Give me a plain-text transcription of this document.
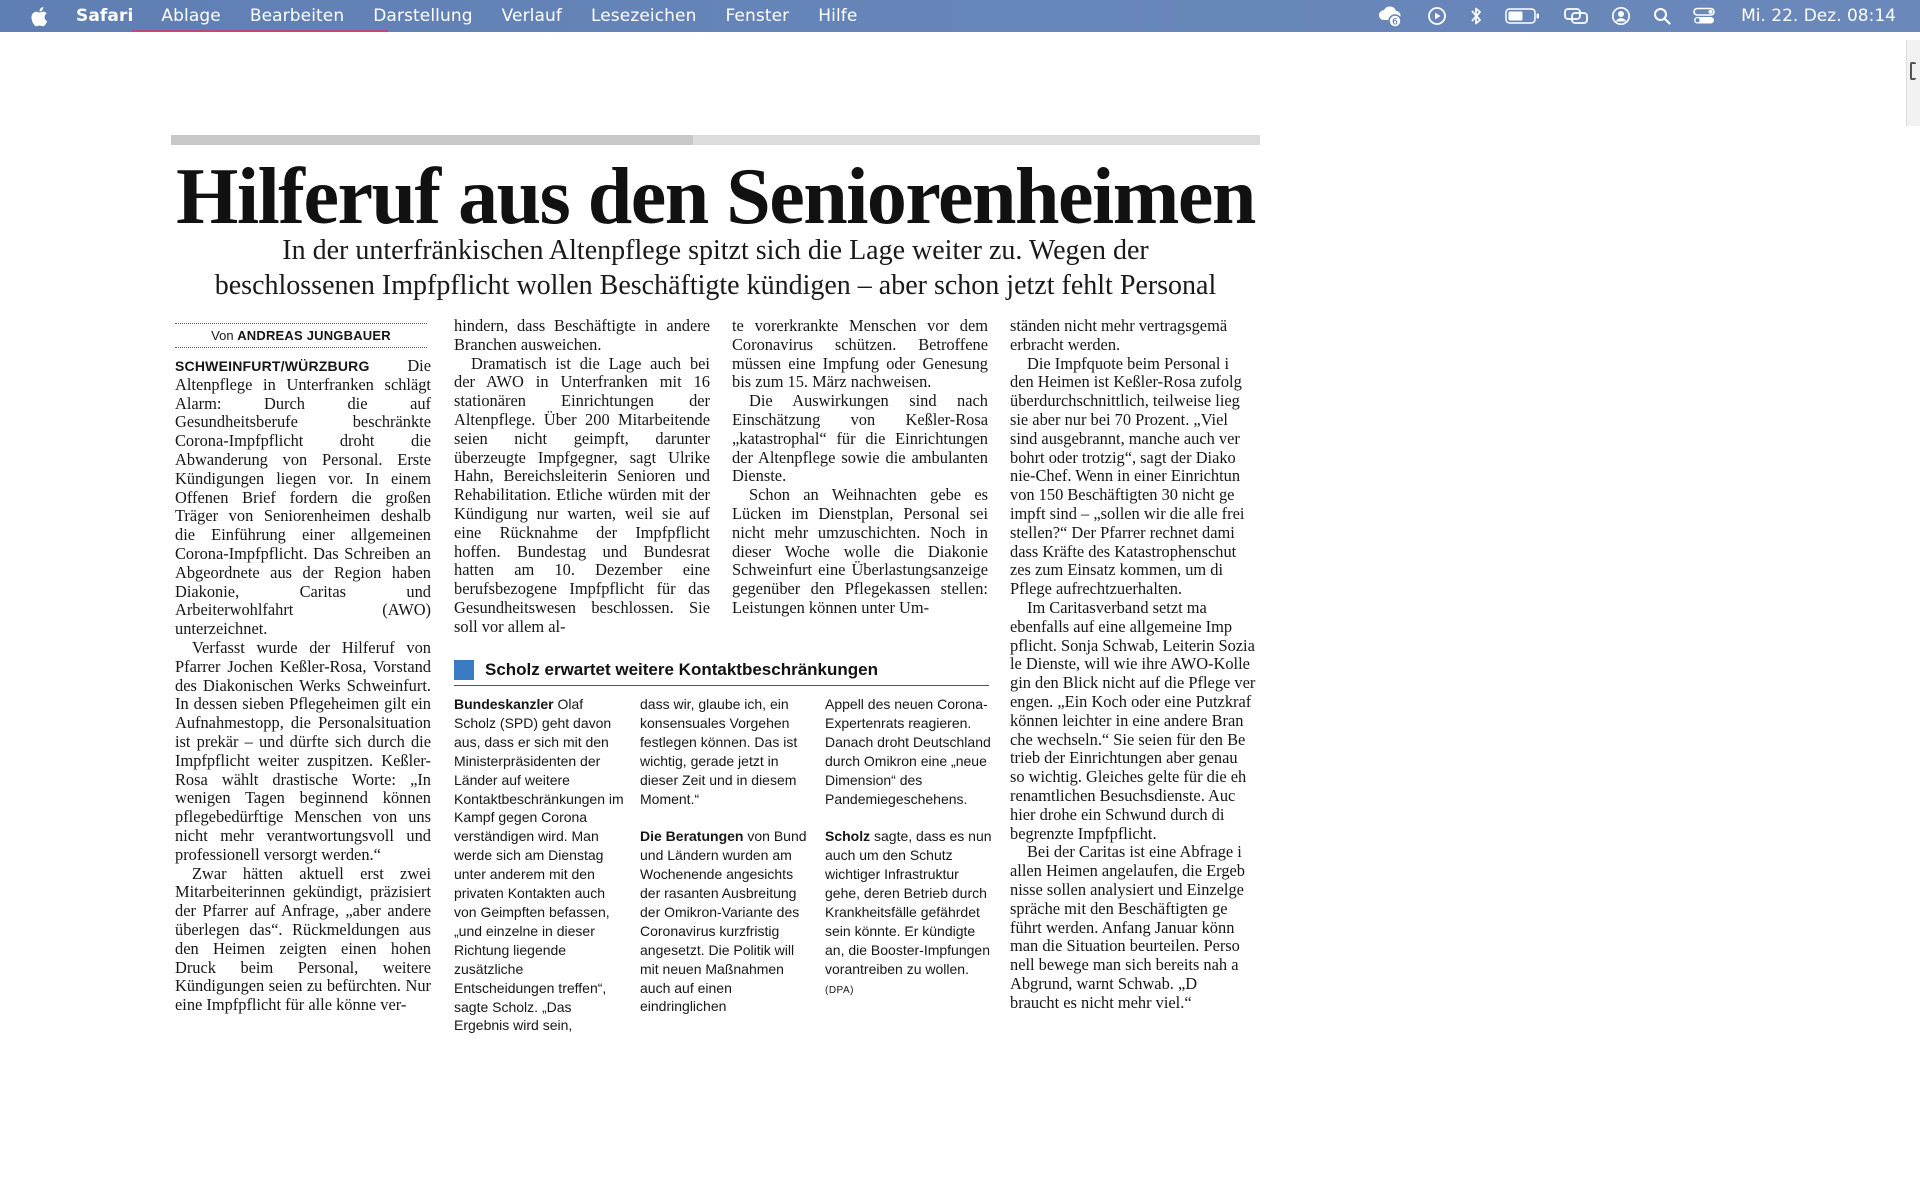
Safari Ablage Bearbeiten Darstellung Verlauf Lesezeichen Fenster Hilfe	6	Mi. 22. Dez. 08:14
Hilferuf aus den Seniorenheimen
In der unterfränkischen Altenpflege spitzt sich die Lage weiter zu. Wegen der
beschlossenen Impfpflicht wollen Beschäftigte kündigen – aber schon jetzt fehlt Personal
Von ANDREAS JUNGBAUER

SCHWEINFURT/WÜRZBURG Die Altenpflege in Unterfranken schlägt Alarm: Durch die auf Gesundheitsberufe beschränkte Corona-Impfpflicht droht die Abwanderung von Personal. Erste Kündigungen liegen vor. In einem Offenen Brief fordern die großen Träger von Seniorenheimen deshalb die Einführung einer allgemeinen Corona-Impfpflicht. Das Schreiben an Abgeordnete aus der Region haben Diakonie, Caritas und Arbeiterwohlfahrt (AWO) unterzeichnet.

Verfasst wurde der Hilferuf von Pfarrer Jochen Keßler-Rosa, Vorstand des Diakonischen Werks Schweinfurt. In dessen sieben Pflegeheimen gilt ein Aufnahmestopp, die Personalsituation ist prekär – und dürfte sich durch die Impfpflicht weiter zuspitzen. Keßler-Rosa wählt drastische Worte: „In wenigen Tagen beginnend können pflegebedürftige Menschen von uns nicht mehr verantwortungsvoll und professionell versorgt werden.“

Zwar hätten aktuell erst zwei Mitarbeiterinnen gekündigt, präzisiert der Pfarrer auf Anfrage, „aber andere überlegen das“. Rückmeldungen aus den Heimen zeigten einen hohen Druck beim Personal, weitere Kündigungen seien zu befürchten. Nur eine Impfpflicht für alle könne ver-

hindern, dass Beschäftigte in andere Branchen ausweichen.

Dramatisch ist die Lage auch bei der AWO in Unterfranken mit 16 stationären Einrichtungen der Altenpflege. Über 200 Mitarbeitende seien nicht geimpft, darunter überzeugte Impfgegner, sagt Ulrike Hahn, Bereichsleiterin Senioren und Rehabilitation. Etliche würden mit der Kündigung nur warten, weil sie auf eine Rücknahme der Impfpflicht hoffen. Bundestag und Bundesrat hatten am 10. Dezember eine berufsbezogene Impfpflicht für das Gesundheitswesen beschlossen. Sie soll vor allem al-

te vorerkrankte Menschen vor dem Coronavirus schützen. Betroffene müssen eine Impfung oder Genesung bis zum 15. März nachweisen.

Die Auswirkungen sind nach Einschätzung von Keßler-Rosa „katastrophal“ für die Einrichtungen der Altenpflege sowie die ambulanten Dienste.

Schon an Weihnachten gebe es Lücken im Dienstplan, Personal sei nicht mehr umzuschichten. Noch in dieser Woche wolle die Diakonie Schweinfurt eine Überlastungsanzeige gegenüber den Pflegekassen stellen: Leistungen können unter Um-

ständen nicht mehr vertragsgemä

erbracht werden.

Die Impfquote beim Personal i

den Heimen ist Keßler-Rosa zufolg

überdurchschnittlich, teilweise lieg

sie aber nur bei 70 Prozent. „Viel

sind ausgebrannt, manche auch ver

bohrt oder trotzig“, sagt der Diako

nie-Chef. Wenn in einer Einrichtun

von 150 Beschäftigten 30 nicht ge

impft sind – „sollen wir die alle frei

stellen?“ Der Pfarrer rechnet dami

dass Kräfte des Katastrophenschut

zes zum Einsatz kommen, um di

Pflege aufrechtzuerhalten.

Im Caritasverband setzt ma

ebenfalls auf eine allgemeine Imp

pflicht. Sonja Schwab, Leiterin Sozia

le Dienste, will wie ihre AWO-Kolle

gin den Blick nicht auf die Pflege ver

engen. „Ein Koch oder eine Putzkraf

können leichter in eine andere Bran

che wechseln.“ Sie seien für den Be

trieb der Einrichtungen aber genau

so wichtig. Gleiches gelte für die eh

renamtlichen Besuchsdienste. Auc

hier drohe ein Schwund durch di

begrenzte Impfpflicht.

Bei der Caritas ist eine Abfrage i

allen Heimen angelaufen, die Ergeb

nisse sollen analysiert und Einzelge

spräche mit den Beschäftigten ge

führt werden. Anfang Januar könn

man die Situation beurteilen. Perso

nell bewege man sich bereits nah a

Abgrund, warnt Schwab. „D

braucht es nicht mehr viel.“

Scholz erwartet weitere Kontaktbeschränkungen

Bundeskanzler Olaf Scholz (SPD) geht davon aus, dass er sich mit den Ministerpräsidenten der Länder auf weitere Kontaktbeschränkungen im Kampf gegen Corona verständigen wird. Man werde sich am Dienstag unter anderem mit den privaten Kontakten auch von Geimpften befassen, „und einzelne in dieser Richtung liegende zusätzliche Entscheidungen treffen“, sagte Scholz. „Das Ergebnis wird sein,

dass wir, glaube ich, ein konsensuales Vorgehen festlegen können. Das ist wichtig, gerade jetzt in dieser Zeit und in diesem Moment.“

Die Beratungen von Bund und Ländern wurden am Wochenende angesichts der rasanten Ausbreitung der Omikron-Variante des Coronavirus kurzfristig angesetzt. Die Politik will mit neuen Maßnahmen auch auf einen eindringlichen

Appell des neuen Corona-Expertenrats reagieren. Danach droht Deutschland durch Omikron eine „neue Dimension“ des Pandemiegeschehens.

Scholz sagte, dass es nun auch um den Schutz wichtiger Infrastruktur gehe, deren Betrieb durch Krankheitsfälle gefährdet sein könnte. Er kündigte an, die Booster-Impfungen vorantreiben zu wollen. (DPA)
